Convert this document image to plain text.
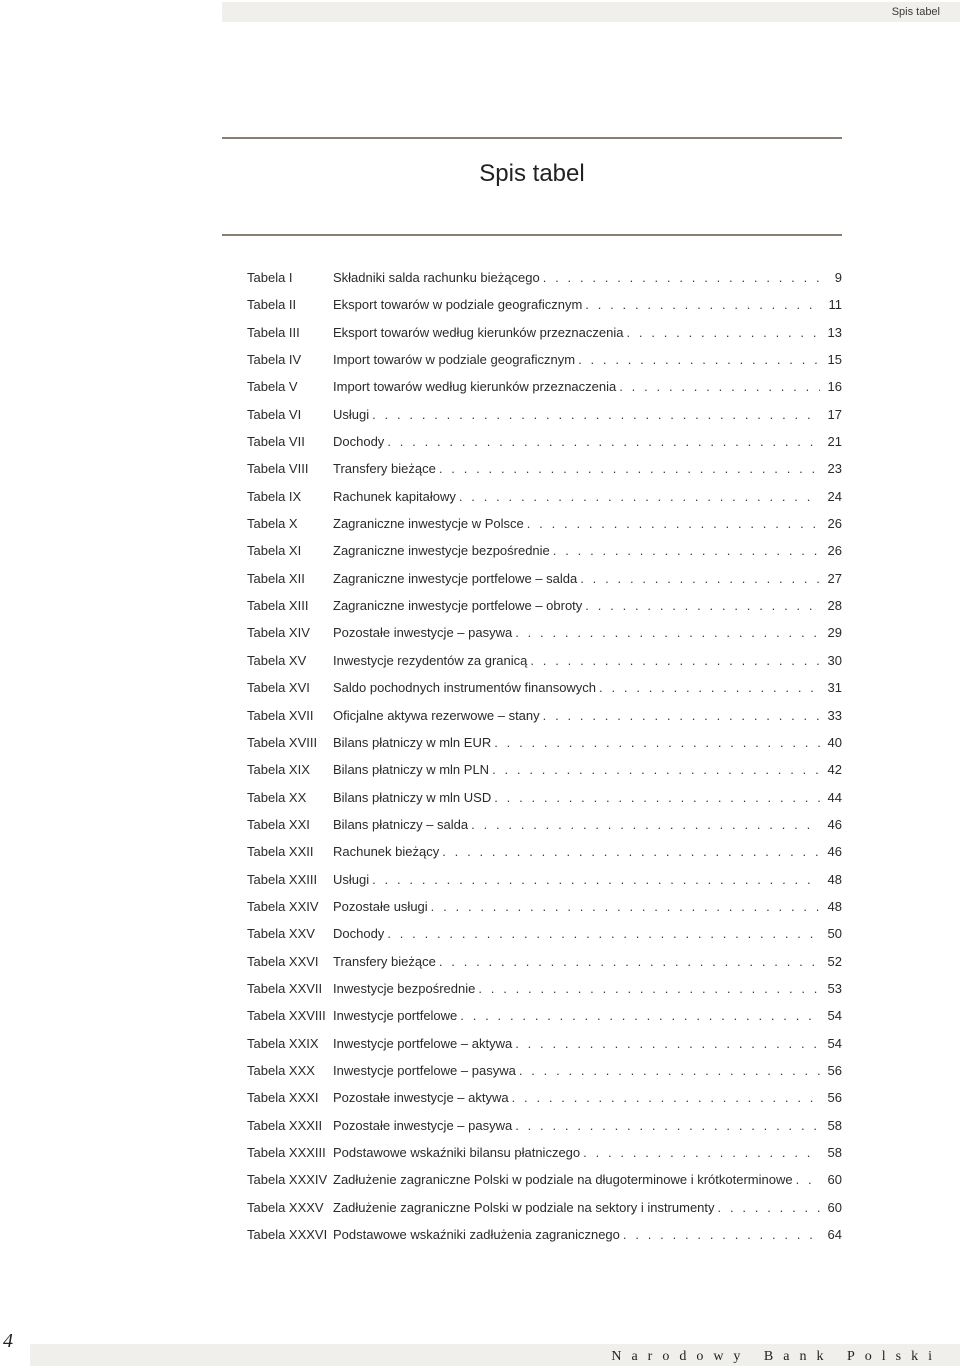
Spis tabel
Spis tabel
Tabela I	Składniki salda rachunku bieżącego . . .	9
Tabela II	Eksport towarów w podziale geograficznym . . .	11
Tabela III	Eksport towarów według kierunków przeznaczenia . . .	13
Tabela IV	Import towarów w podziale geograficznym . . .	15
Tabela V	Import towarów według kierunków przeznaczenia . . .	16
Tabela VI	Usługi . . .	17
Tabela VII	Dochody . . .	21
Tabela VIII	Transfery bieżące . . .	23
Tabela IX	Rachunek kapitałowy . . .	24
Tabela X	Zagraniczne inwestycje w Polsce . . .	26
Tabela XI	Zagraniczne inwestycje bezpośrednie . . .	26
Tabela XII	Zagraniczne inwestycje portfelowe – salda . . .	27
Tabela XIII	Zagraniczne inwestycje portfelowe – obroty . . .	28
Tabela XIV	Pozostałe inwestycje – pasywa . . .	29
Tabela XV	Inwestycje rezydentów za granicą . . .	30
Tabela XVI	Saldo pochodnych instrumentów finansowych . . .	31
Tabela XVII	Oficjalne aktywa rezerwowe – stany . . .	33
Tabela XVIII	Bilans płatniczy w mln EUR . . .	40
Tabela XIX	Bilans płatniczy w mln PLN . . .	42
Tabela XX	Bilans płatniczy w mln USD . . .	44
Tabela XXI	Bilans płatniczy – salda . . .	46
Tabela XXII	Rachunek bieżący . . .	46
Tabela XXIII	Usługi . . .	48
Tabela XXIV	Pozostałe usługi . . .	48
Tabela XXV	Dochody . . .	50
Tabela XXVI	Transfery bieżące . . .	52
Tabela XXVII Inwestycje bezpośrednie . . .	53
Tabela XXVIII Inwestycje portfelowe . . .	54
Tabela XXIX	Inwestycje portfelowe – aktywa . . .	54
Tabela XXX	Inwestycje portfelowe – pasywa . . .	56
Tabela XXXI	Pozostałe inwestycje – aktywa . . .	56
Tabela XXXII Pozostałe inwestycje – pasywa . . .	58
Tabela XXXIII Podstawowe wskaźniki bilansu płatniczego . . .	58
Tabela XXXIV Zadłużenie zagraniczne Polski w podziale na długoterminowe i krótkoterminowe . . .	60
Tabela XXXV Zadłużenie zagraniczne Polski w podziale na sektory i instrumenty . . .	60
Tabela XXXVI Podstawowe wskaźniki zadłużenia zagranicznego . . .	64
4
Narodowy Bank Polski
